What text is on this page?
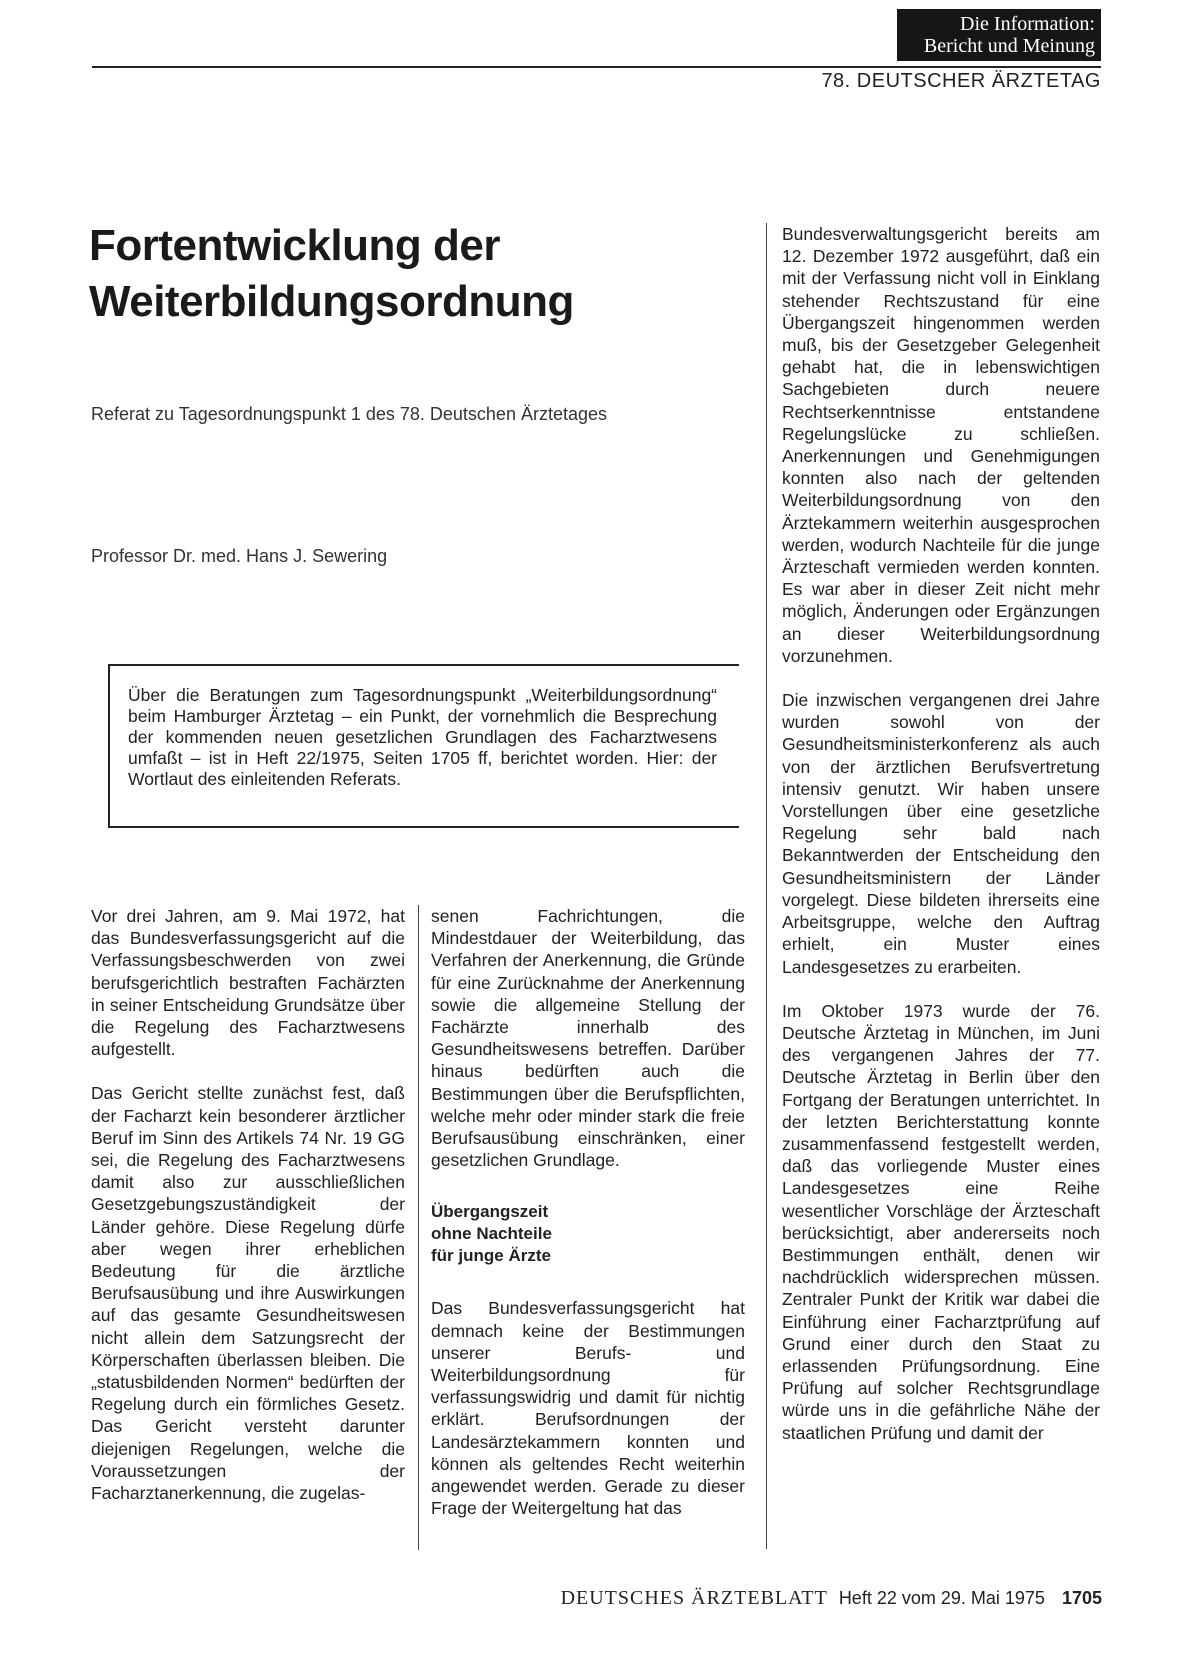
Die Information:
Bericht und Meinung
78. DEUTSCHER ÄRZTETAG
Fortentwicklung der
Weiterbildungsordnung
Referat zu Tagesordnungspunkt 1 des 78. Deutschen Ärztetages
Professor Dr. med. Hans J. Sewering
Über die Beratungen zum Tagesordnungspunkt „Weiterbildungsordnung“ beim Hamburger Ärztetag – ein Punkt, der vornehmlich die Besprechung der kommenden neuen gesetzlichen Grundlagen des Facharztwesens umfaßt – ist in Heft 22/1975, Seiten 1705 ff, berichtet worden. Hier: der Wortlaut des einleitenden Referats.

Vor drei Jahren, am 9. Mai 1972, hat das Bundesverfassungsgericht auf die Verfassungsbeschwerden von zwei berufsgerichtlich bestraften Fachärzten in seiner Entscheidung Grundsätze über die Regelung des Facharztwesens aufgestellt.

Das Gericht stellte zunächst fest, daß der Facharzt kein besonderer ärztlicher Beruf im Sinn des Artikels 74 Nr. 19 GG sei, die Regelung des Facharztwesens damit also zur ausschließlichen Gesetzgebungszuständigkeit der Länder gehöre. Diese Regelung dürfe aber wegen ihrer erheblichen Bedeutung für die ärztliche Berufsausübung und ihre Auswirkungen auf das gesamte Gesundheitswesen nicht allein dem Satzungsrecht der Körperschaften überlassen bleiben. Die „statusbildenden Normen“ bedürften der Regelung durch ein förmliches Gesetz. Das Gericht versteht darunter diejenigen Regelungen, welche die Voraussetzungen der Facharztanerkennung, die zugelas-

senen Fachrichtungen, die Mindestdauer der Weiterbildung, das Verfahren der Anerkennung, die Gründe für eine Zurücknahme der Anerkennung sowie die allgemeine Stellung der Fachärzte innerhalb des Gesundheitswesens betreffen. Darüber hinaus bedürften auch die Bestimmungen über die Berufspflichten, welche mehr oder minder stark die freie Berufsausübung einschränken, einer gesetzlichen Grundlage.

Übergangszeit
ohne Nachteile
für junge Ärzte

Das Bundesverfassungsgericht hat demnach keine der Bestimmungen unserer Berufs- und Weiterbildungsordnung für verfassungswidrig und damit für nichtig erklärt. Berufsordnungen der Landesärztekammern konnten und können als geltendes Recht weiterhin angewendet werden. Gerade zu dieser Frage der Weitergeltung hat das

Bundesverwaltungsgericht bereits am 12. Dezember 1972 ausgeführt, daß ein mit der Verfassung nicht voll in Einklang stehender Rechtszustand für eine Übergangszeit hingenommen werden muß, bis der Gesetzgeber Gelegenheit gehabt hat, die in lebenswichtigen Sachgebieten durch neuere Rechtserkenntnisse entstandene Regelungslücke zu schließen. Anerkennungen und Genehmigungen konnten also nach der geltenden Weiterbildungsordnung von den Ärztekammern weiterhin ausgesprochen werden, wodurch Nachteile für die junge Ärzteschaft vermieden werden konnten. Es war aber in dieser Zeit nicht mehr möglich, Änderungen oder Ergänzungen an dieser Weiterbildungsordnung vorzunehmen.

Die inzwischen vergangenen drei Jahre wurden sowohl von der Gesundheitsministerkonferenz als auch von der ärztlichen Berufsvertretung intensiv genutzt. Wir haben unsere Vorstellungen über eine gesetzliche Regelung sehr bald nach Bekanntwerden der Entscheidung den Gesundheitsministern der Länder vorgelegt. Diese bildeten ihrerseits eine Arbeitsgruppe, welche den Auftrag erhielt, ein Muster eines Landesgesetzes zu erarbeiten.

Im Oktober 1973 wurde der 76. Deutsche Ärztetag in München, im Juni des vergangenen Jahres der 77. Deutsche Ärztetag in Berlin über den Fortgang der Beratungen unterrichtet. In der letzten Berichterstattung konnte zusammenfassend festgestellt werden, daß das vorliegende Muster eines Landesgesetzes eine Reihe wesentlicher Vorschläge der Ärzteschaft berücksichtigt, aber andererseits noch Bestimmungen enthält, denen wir nachdrücklich widersprechen müssen. Zentraler Punkt der Kritik war dabei die Einführung einer Facharztprüfung auf Grund einer durch den Staat zu erlassenden Prüfungsordnung. Eine Prüfung auf solcher Rechtsgrundlage würde uns in die gefährliche Nähe der staatlichen Prüfung und damit der

DEUTSCHES ÄRZTEBLATT Heft 22 vom 29. Mai 1975 1705
